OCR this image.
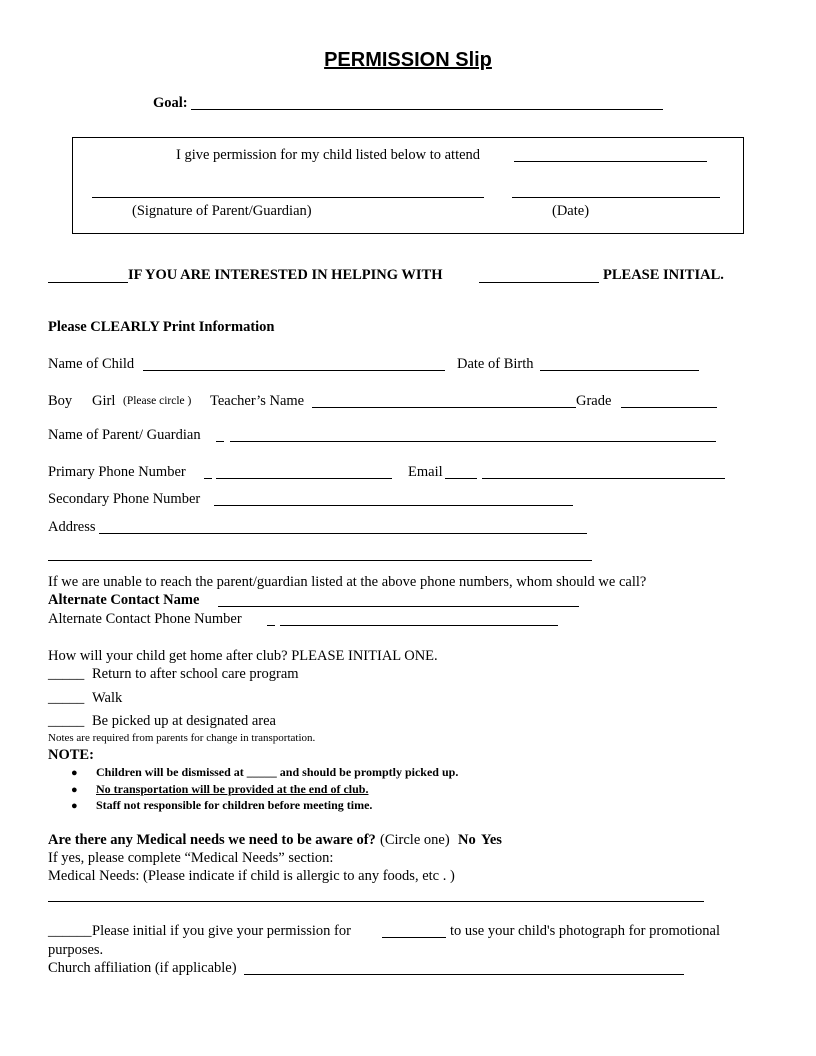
PERMISSION Slip
Goal:
I give permission for my child listed below to attend
(Signature of Parent/Guardian)	(Date)
IF YOU ARE INTERESTED IN HELPING WITH	PLEASE INITIAL.
Please CLEARLY Print Information
Name of Child	Date of Birth
Boy Girl (Please circle ) Teacher’s Name	Grade
Name of Parent/ Guardian
Primary Phone Number	Email
Secondary Phone Number
Address
If we are unable to reach the parent/guardian listed at the above phone numbers, whom should we call?
Alternate Contact Name
Alternate Contact Phone Number
How will your child get home after club? PLEASE INITIAL ONE.
_____ Return to after school care program
_____ Walk
_____ Be picked up at designated area
Notes are required from parents for change in transportation.
NOTE:
● Children will be dismissed at _____ and should be promptly picked up.
● No transportation will be provided at the end of club.
● Staff not responsible for children before meeting time.
Are there any Medical needs we need to be aware of? (Circle one) No Yes
If yes, please complete “Medical Needs” section:
Medical Needs: (Please indicate if child is allergic to any foods, etc . )
______ Please initial if you give your permission for	to use your child's photograph for promotional
purposes.
Church affiliation (if applicable)
